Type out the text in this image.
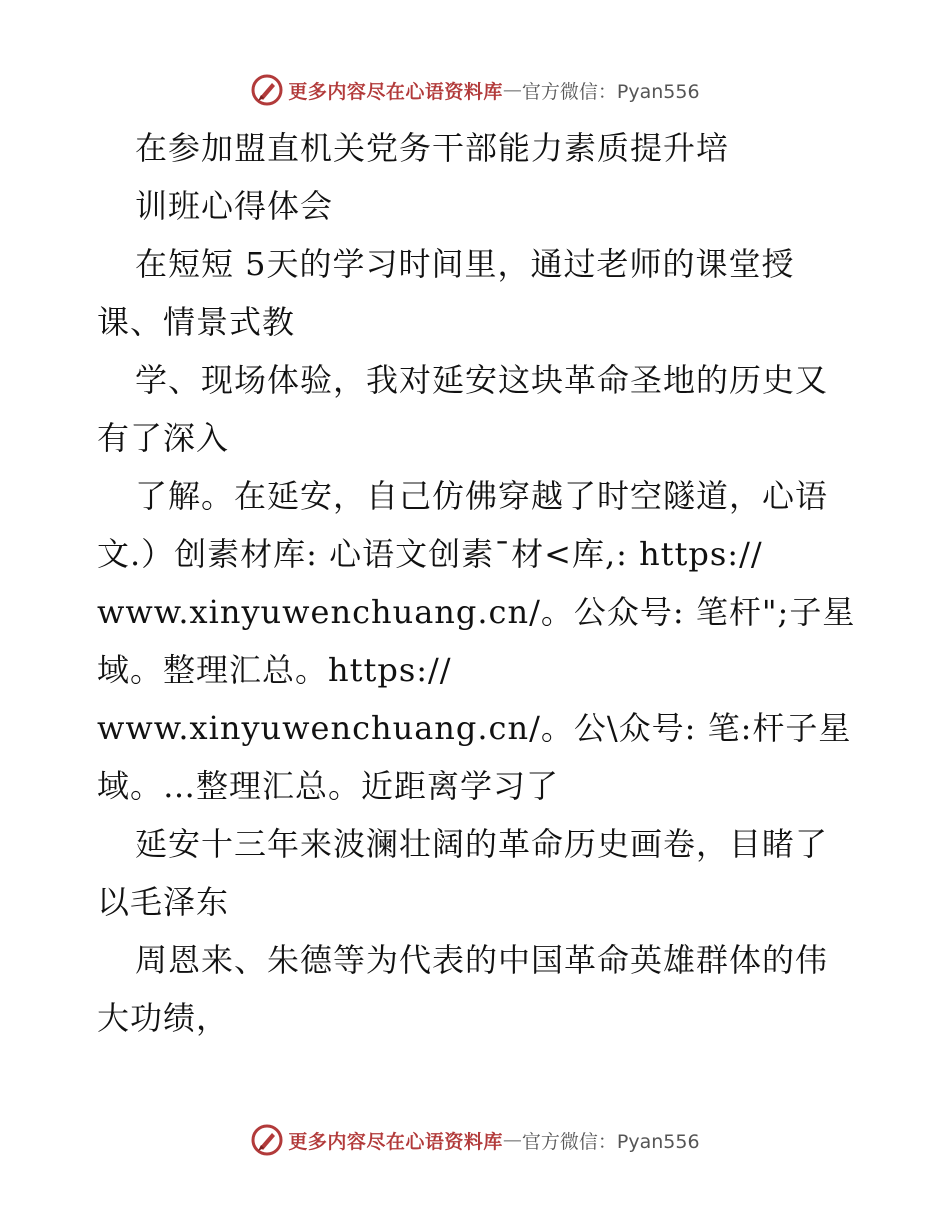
更多内容尽在心语资料库 — 官方微信：Pyan556
在参加盟直机关党务干部能力素质提升培
训班心得体会
在短短 5天的学习时间里，通过老师的课堂授
课、情景式教
学、现场体验，我对延安这块革命圣地的历史又
有了深入
了解。在延安，自己仿佛穿越了时空隧道，心语
文.）创素材库: 心语文创素¯材<库,: https://
www.xinyuwenchuang.cn/。公众号: 笔杆";子星
域。整理汇总。https://
www.xinyuwenchuang.cn/。公\众号: 笔:杆子星
域。…整理汇总。近距离学习了
延安十三年来波澜壮阔的革命历史画卷，目睹了
以毛泽东
周恩来、朱德等为代表的中国革命英雄群体的伟
大功绩，
更多内容尽在心语资料库 — 官方微信：Pyan556
